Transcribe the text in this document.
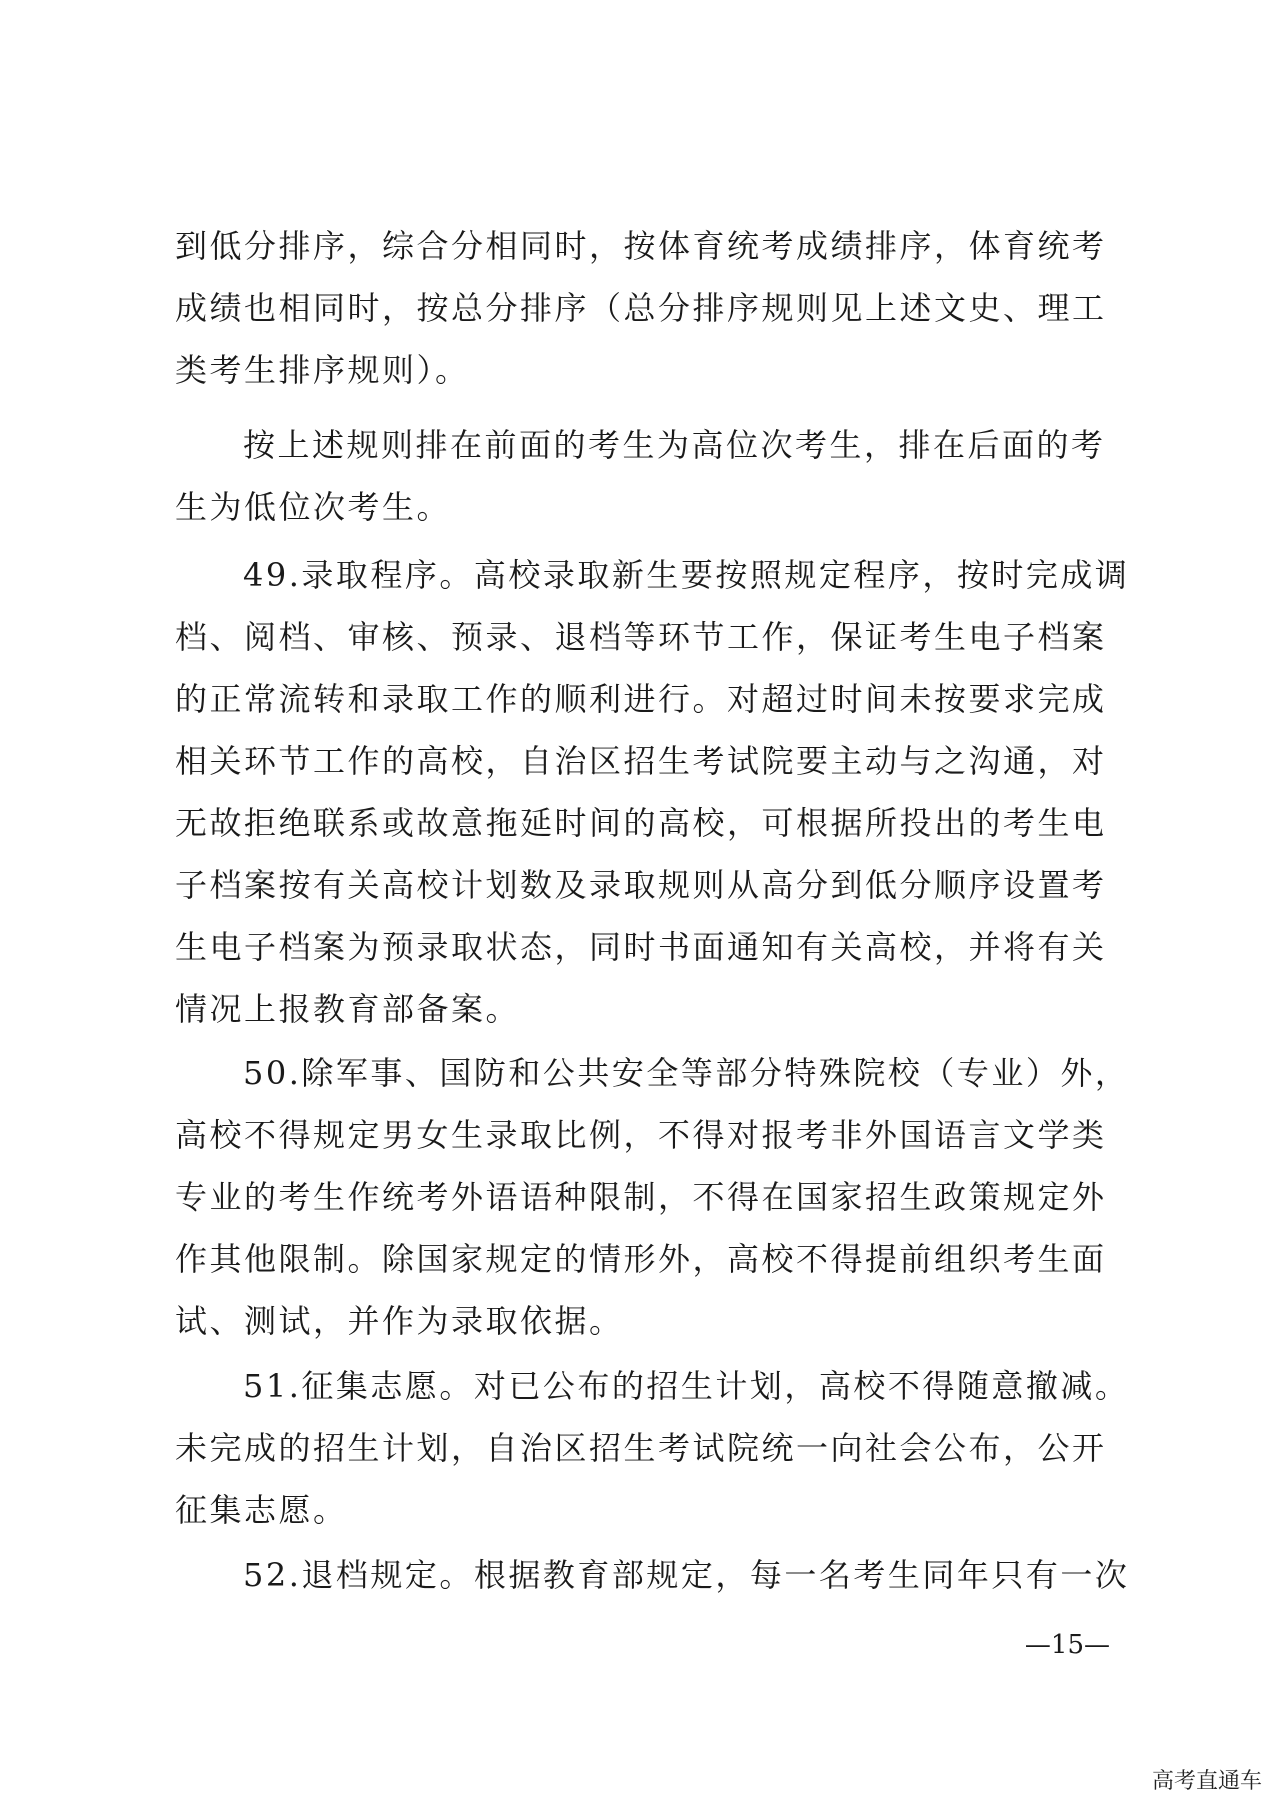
到低分排序，综合分相同时，按体育统考成绩排序，体育统考
成绩也相同时，按总分排序（总分排序规则见上述文史、理工
类考生排序规则）。
按上述规则排在前面的考生为高位次考生，排在后面的考
生为低位次考生。
49.录取程序。高校录取新生要按照规定程序，按时完成调
档、阅档、审核、预录、退档等环节工作，保证考生电子档案
的正常流转和录取工作的顺利进行。对超过时间未按要求完成
相关环节工作的高校，自治区招生考试院要主动与之沟通，对
无故拒绝联系或故意拖延时间的高校，可根据所投出的考生电
子档案按有关高校计划数及录取规则从高分到低分顺序设置考
生电子档案为预录取状态，同时书面通知有关高校，并将有关
情况上报教育部备案。
50.除军事、国防和公共安全等部分特殊院校（专业）外，
高校不得规定男女生录取比例，不得对报考非外国语言文学类
专业的考生作统考外语语种限制，不得在国家招生政策规定外
作其他限制。除国家规定的情形外，高校不得提前组织考生面
试、测试，并作为录取依据。
51.征集志愿。对已公布的招生计划，高校不得随意撤减。
未完成的招生计划，自治区招生考试院统一向社会公布，公开
征集志愿。
52.退档规定。根据教育部规定，每一名考生同年只有一次
—15—
高考直通车
